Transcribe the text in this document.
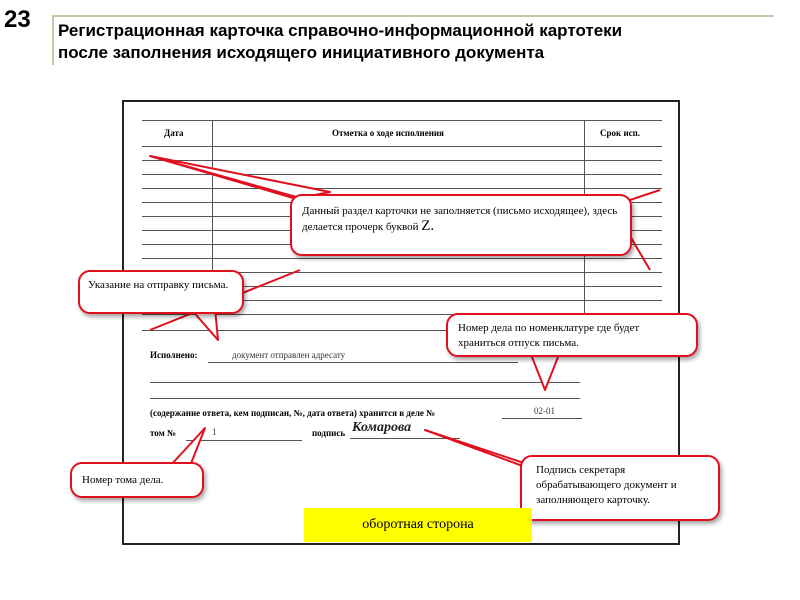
23 Регистрационная карточка справочно-информационной картотеки
после заполнения исходящего инициативного документа
Дата	Отметка о ходе исполнения	Срок исп.
Исполнено:	документ отправлен адресату
(содержание ответа, кем подписан, №, дата ответа) хранится в деле №	02-01
том №	1	подпись Комарова
Данный раздел карточки не заполняется (письмо исходящее), здесь делается прочерк буквой Z.
Указание на отправку письма.
Номер дела по номенклатуре где будет храниться отпуск письма.
Номер тома дела.
Подпись секретаря обрабатывающего документ и заполняющего карточку.
оборотная сторона
